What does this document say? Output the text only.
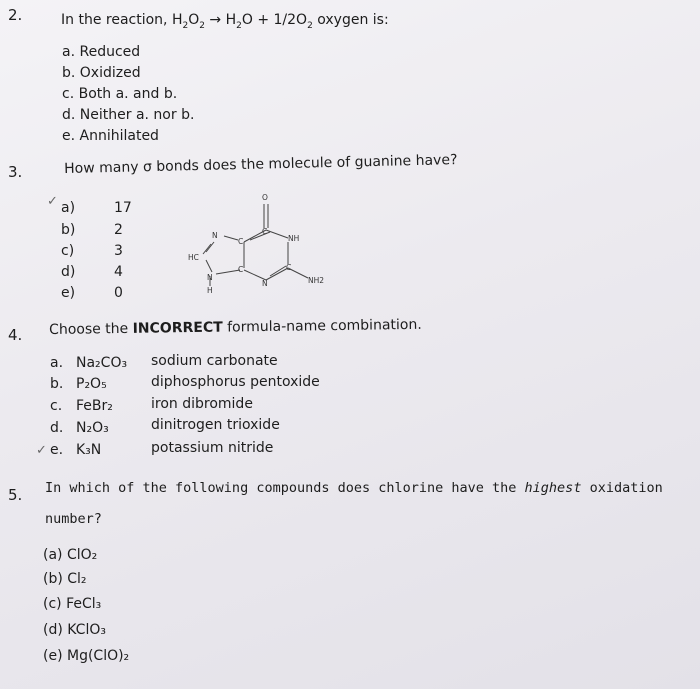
2.	In the reaction, $H_2O_2 \to H_2O + 1/2O_2$ oxygen is:
a. Reduced
b. Oxidized
c. Both a. and b.
d. Neither a. nor b.
e. Annihilated
3.	How many σ bonds does the molecule of guanine have?
✓ a)	17
b)	2
c)	3
d)	4
e)	0
O
N
C
C
NH
HC
C	C
N	NH2
N
H
4. Choose the INCORRECT formula-name combination.
a. Na₂CO₃ sodium carbonate
b. P₂O₅	diphosphorus pentoxide
c. FeBr₂	iron dibromide
d. N₂O₃	dinitrogen trioxide
✓ e. K₃N	potassium nitride
5. In which of the following compounds does chlorine have the highest oxidation
number?
(a) ClO₂
(b) Cl₂
(c) FeCl₃
(d) KClO₃
(e) Mg(ClO)₂
